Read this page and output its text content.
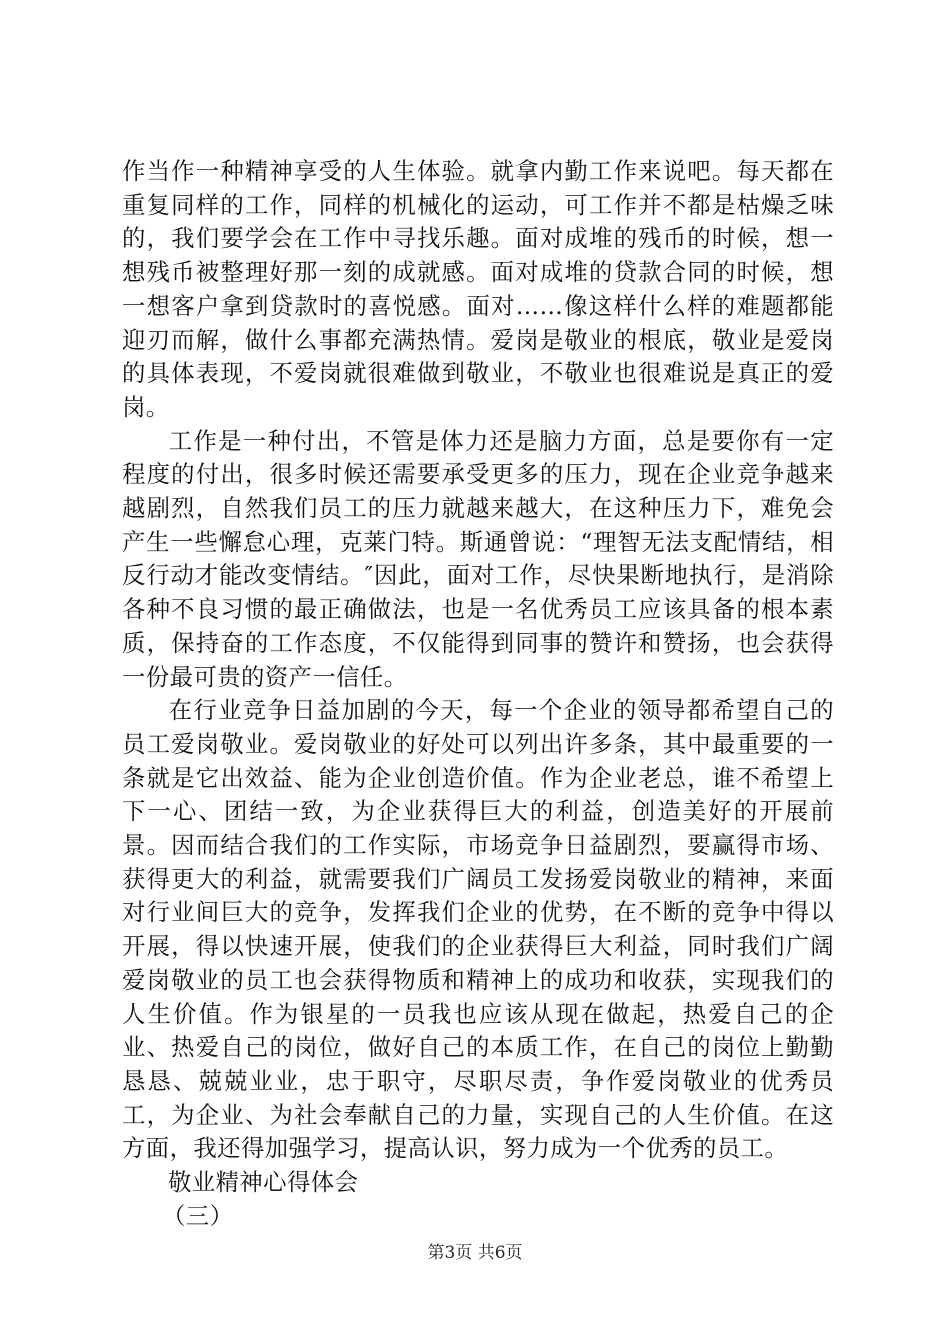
作当作一种精神享受的人生体验。就拿内勤工作来说吧。每天都在重复同样的工作，同样的机械化的运动，可工作并不都是枯燥乏味的，我们要学会在工作中寻找乐趣。面对成堆的残币的时候，想一想残币被整理好那一刻的成就感。面对成堆的贷款合同的时候，想一想客户拿到贷款时的喜悦感。面对……像这样什么样的难题都能迎刃而解，做什么事都充满热情。爱岗是敬业的根底，敬业是爱岗的具体表现，不爱岗就很难做到敬业，不敬业也很难说是真正的爱岗。

工作是一种付出，不管是体力还是脑力方面，总是要你有一定程度的付出，很多时候还需要承受更多的压力，现在企业竞争越来越剧烈，自然我们员工的压力就越来越大，在这种压力下，难免会产生一些懈怠心理，克莱门特。斯通曾说：“理智无法支配情结，相反行动才能改变情结。″因此，面对工作，尽快果断地执行，是消除各种不良习惯的最正确做法，也是一名优秀员工应该具备的根本素质，保持奋的工作态度，不仅能得到同事的赞许和赞扬，也会获得一份最可贵的资产一信任。

在行业竞争日益加剧的今天，每一个企业的领导都希望自己的员工爱岗敬业。爱岗敬业的好处可以列出许多条，其中最重要的一条就是它出效益、能为企业创造价值。作为企业老总，谁不希望上下一心、团结一致，为企业获得巨大的利益，创造美好的开展前景。因而结合我们的工作实际，市场竞争日益剧烈，要赢得市场、获得更大的利益，就需要我们广阔员工发扬爱岗敬业的精神，来面对行业间巨大的竞争，发挥我们企业的优势，在不断的竞争中得以开展，得以快速开展，使我们的企业获得巨大利益，同时我们广阔爱岗敬业的员工也会获得物质和精神上的成功和收获，实现我们的人生价值。作为银星的一员我也应该从现在做起，热爱自己的企业、热爱自己的岗位，做好自己的本质工作，在自己的岗位上勤勤恳恳、兢兢业业，忠于职守，尽职尽责，争作爱岗敬业的优秀员工，为企业、为社会奉献自己的力量，实现自己的人生价值。在这方面，我还得加强学习，提高认识，努力成为一个优秀的员工。

敬业精神心得体会

（三）

第3页 共6页
